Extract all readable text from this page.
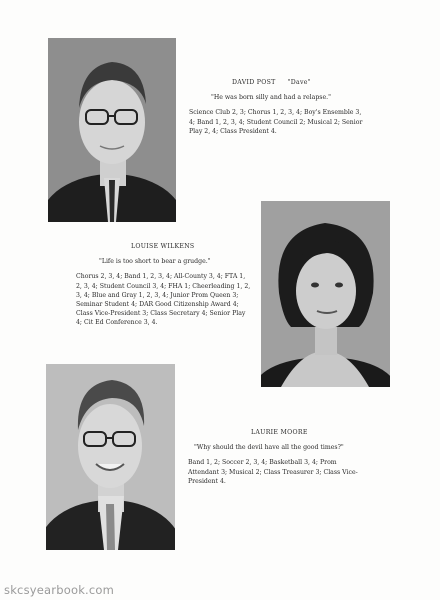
DAVID POST "Dave"
"He was born silly and had a relapse."
Science Club 2, 3; Chorus 1, 2, 3, 4; Boy's Ensemble 3, 4; Band 1, 2, 3, 4; Student Council 2; Musical 2; Senior Play 2, 4; Class President 4.
LOUISE WILKENS
"Life is too short to bear a grudge."
Chorus 2, 3, 4; Band 1, 2, 3, 4; All-County 3, 4; FTA 1, 2, 3, 4; Student Council 3, 4; FHA 1; Cheerleading 1, 2, 3, 4; Blue and Gray 1, 2, 3, 4; Junior Prom Queen 3; Seminar Student 4; DAR Good Citizenship Award 4; Class Vice-President 3; Class Secretary 4; Senior Play 4; Cit Ed Conference 3, 4.
LAURIE MOORE
"Why should the devil have all the good times?"
Band 1, 2; Soccer 2, 3, 4; Basketball 3, 4; Prom Attendant 3; Musical 2; Class Treasurer 3; Class Vice-President 4.
skcsyearbook.com
